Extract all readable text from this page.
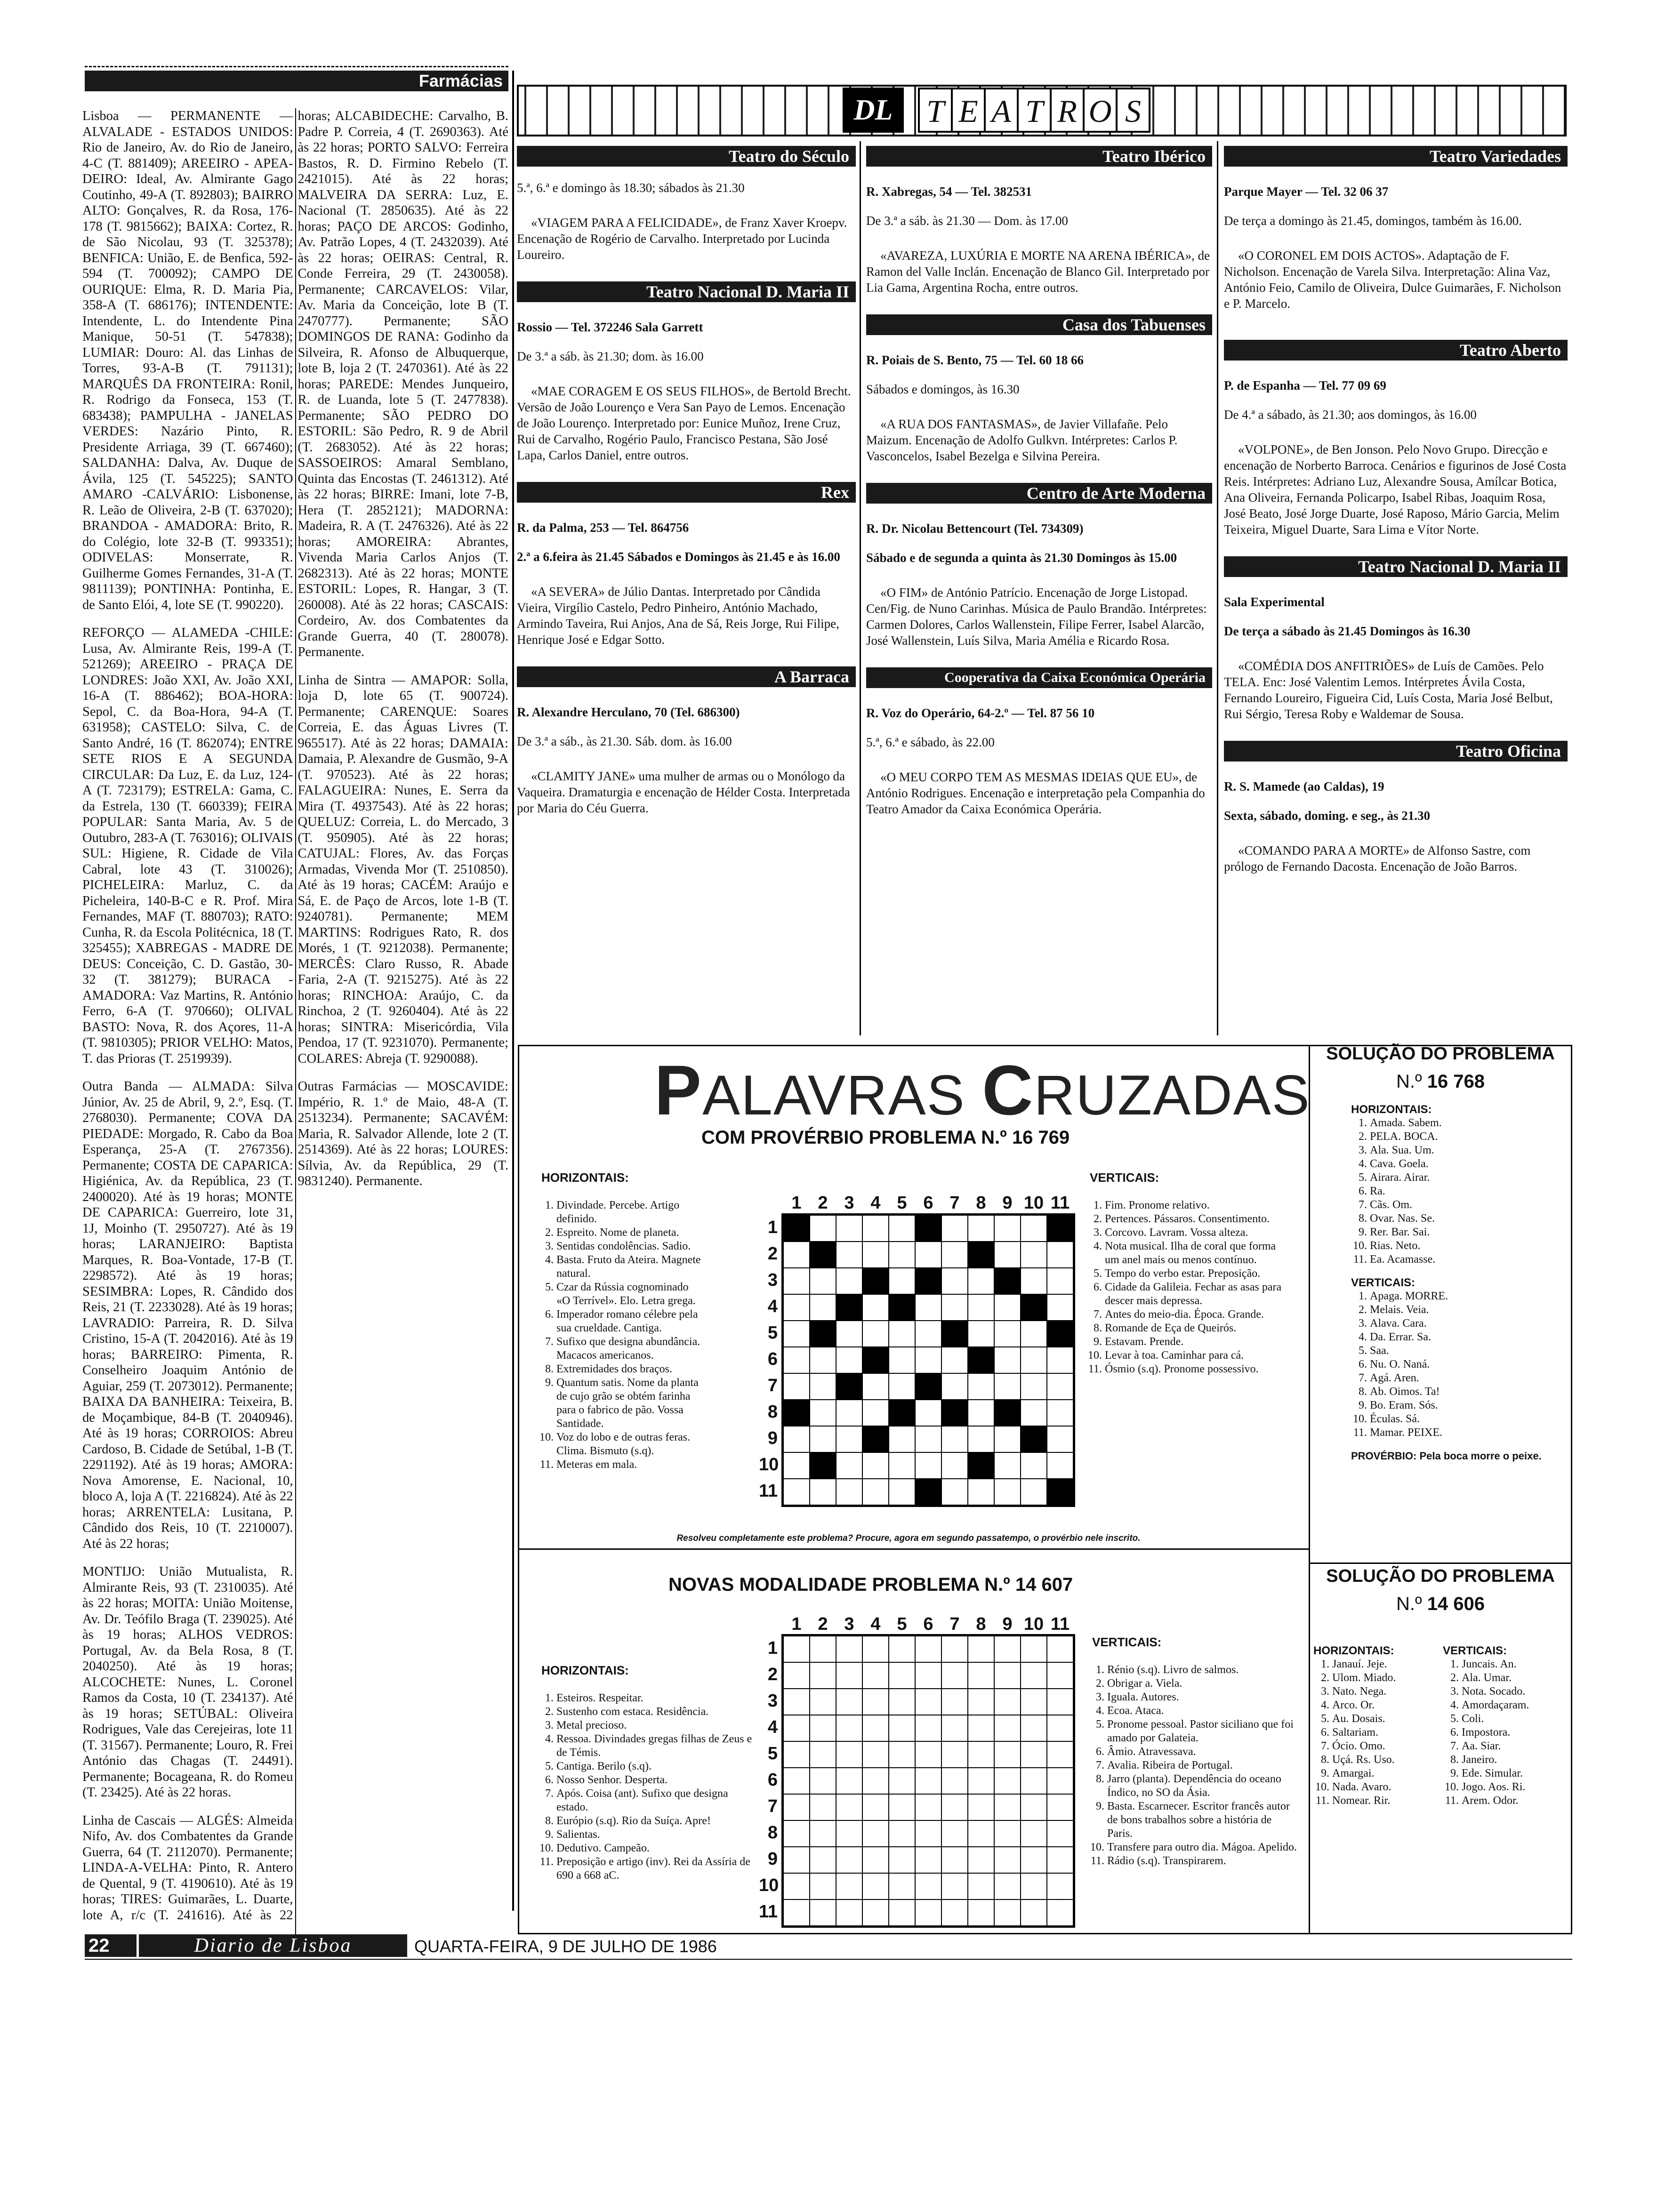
Farmácias

Lisboa — PERMANENTE — ALVALADE - ESTADOS UNIDOS: Rio de Janeiro, Av. do Rio de Janeiro, 4-C (T. 881409); AREEIRO - APEA-DEIRO: Ideal, Av. Almirante Gago Coutinho, 49-A (T. 892803); BAIRRO ALTO: Gonçalves, R. da Rosa, 176-178 (T. 9815662); BAIXA: Cortez, R. de São Nicolau, 93 (T. 325378); BENFICA: União, E. de Benfica, 592-594 (T. 700092); CAMPO DE OURIQUE: Elma, R. D. Maria Pia, 358-A (T. 686176); INTENDENTE: Intendente, L. do Intendente Pina Manique, 50-51 (T. 547838); LUMIAR: Douro: Al. das Linhas de Torres, 93-A-B (T. 791131); MARQUÊS DA FRONTEIRA: Ronil, R. Rodrigo da Fonseca, 153 (T. 683438); PAMPULHA - JANELAS VERDES: Nazário Pinto, R. Presidente Arriaga, 39 (T. 667460); SALDANHA: Dalva, Av. Duque de Ávila, 125 (T. 545225); SANTO AMARO -CALVÁRIO: Lisbonense, R. Leão de Oliveira, 2-B (T. 637020); BRANDOA - AMADORA: Brito, R. do Colégio, lote 32-B (T. 993351); ODIVELAS: Monserrate, R. Guilherme Gomes Fernandes, 31-A (T. 9811139); PONTINHA: Pontinha, E. de Santo Elói, 4, lote SE (T. 990220).

REFORÇO — ALAMEDA -CHILE: Lusa, Av. Almirante Reis, 199-A (T. 521269); AREEIRO - PRAÇA DE LONDRES: João XXI, Av. João XXI, 16-A (T. 886462); BOA-HORA: Sepol, C. da Boa-Hora, 94-A (T. 631958); CASTELO: Silva, C. de Santo André, 16 (T. 862074); ENTRE SETE RIOS E A SEGUNDA CIRCULAR: Da Luz, E. da Luz, 124-A (T. 723179); ESTRELA: Gama, C. da Estrela, 130 (T. 660339); FEIRA POPULAR: Santa Maria, Av. 5 de Outubro, 283-A (T. 763016); OLIVAIS SUL: Higiene, R. Cidade de Vila Cabral, lote 43 (T. 310026); PICHELEIRA: Marluz, C. da Picheleira, 140-B-C e R. Prof. Mira Fernandes, MAF (T. 880703); RATO: Cunha, R. da Escola Politécnica, 18 (T. 325455); XABREGAS - MADRE DE DEUS: Conceição, C. D. Gastão, 30-32 (T. 381279); BURACA - AMADORA: Vaz Martins, R. António Ferro, 6-A (T. 970660); OLIVAL BASTO: Nova, R. dos Açores, 11-A (T. 9810305); PRIOR VELHO: Matos, T. das Prioras (T. 2519939).

Outra Banda — ALMADA: Silva Júnior, Av. 25 de Abril, 9, 2.º, Esq. (T. 2768030). Permanente; COVA DA PIEDADE: Morgado, R. Cabo da Boa Esperança, 25-A (T. 2767356). Permanente; COSTA DE CAPARICA: Higiénica, Av. da República, 23 (T. 2400020). Até às 19 horas; MONTE DE CAPARICA: Guerreiro, lote 31, 1J, Moinho (T. 2950727). Até às 19 horas; LARANJEIRO: Baptista Marques, R. Boa-Vontade, 17-B (T. 2298572). Até às 19 horas; SESIMBRA: Lopes, R. Cândido dos Reis, 21 (T. 2233028). Até às 19 horas; LAVRADIO: Parreira, R. D. Silva Cristino, 15-A (T. 2042016). Até às 19 horas; BARREIRO: Pimenta, R. Conselheiro Joaquim António de Aguiar, 259 (T. 2073012). Permanente; BAIXA DA BANHEIRA: Teixeira, B. de Moçambique, 84-B (T. 2040946). Até às 19 horas; CORROIOS: Abreu Cardoso, B. Cidade de Setúbal, 1-B (T. 2291192). Até às 19 horas; AMORA: Nova Amorense, E. Nacional, 10, bloco A, loja A (T. 2216824). Até às 22 horas; ARRENTELA: Lusitana, P. Cândido dos Reis, 10 (T. 2210007). Até às 22 horas;

MONTIJO: União Mutualista, R. Almirante Reis, 93 (T. 2310035). Até às 22 horas; MOITA: União Moitense, Av. Dr. Teófilo Braga (T. 239025). Até às 19 horas; ALHOS VEDROS: Portugal, Av. da Bela Rosa, 8 (T. 2040250). Até às 19 horas; ALCOCHETE: Nunes, L. Coronel Ramos da Costa, 10 (T. 234137). Até às 19 horas; SETÚBAL: Oliveira Rodrigues, Vale das Cerejeiras, lote 11 (T. 31567). Permanente; Louro, R. Frei António das Chagas (T. 24491). Permanente; Bocageana, R. do Romeu (T. 23425). Até às 22 horas.

Linha de Cascais — ALGÉS: Almeida Nifo, Av. dos Combatentes da Grande Guerra, 64 (T. 2112070). Permanente; LINDA-A-VELHA: Pinto, R. Antero de Quental, 9 (T. 4190610). Até às 19 horas; TIRES: Guimarães, L. Duarte, lote A, r/c (T. 241616). Até às 22 horas; ALCABIDECHE: Carvalho, B. Padre P. Correia, 4 (T. 2690363). Até às 22 horas; PORTO SALVO: Ferreira Bastos, R. D. Firmino Rebelo (T. 2421015). Até às 22 horas; MALVEIRA DA SERRA: Luz, E. Nacional (T. 2850635). Até às 22 horas; PAÇO DE ARCOS: Godinho, Av. Patrão Lopes, 4 (T. 2432039). Até às 22 horas; OEIRAS: Central, R. Conde Ferreira, 29 (T. 2430058). Permanente; CARCAVELOS: Vilar, Av. Maria da Conceição, lote B (T. 2470777). Permanente; SÃO DOMINGOS DE RANA: Godinho da Silveira, R. Afonso de Albuquerque, lote B, loja 2 (T. 2470361). Até às 22 horas; PAREDE: Mendes Junqueiro, R. de Luanda, lote 5 (T. 2477838). Permanente; SÃO PEDRO DO ESTORIL: São Pedro, R. 9 de Abril (T. 2683052). Até às 22 horas; SASSOEIROS: Amaral Semblano, Quinta das Encostas (T. 2461312). Até às 22 horas; BIRRE: Imani, lote 7-B, Hera (T. 2852121); MADORNA: Madeira, R. A (T. 2476326). Até às 22 horas; AMOREIRA: Abrantes, Vivenda Maria Carlos Anjos (T. 2682313). Até às 22 horas; MONTE ESTORIL: Lopes, R. Hangar, 3 (T. 260008). Até às 22 horas; CASCAIS: Cordeiro, Av. dos Combatentes da Grande Guerra, 40 (T. 280078). Permanente.

Linha de Sintra — AMAPOR: Solla, loja D, lote 65 (T. 900724). Permanente; CARENQUE: Soares Correia, E. das Águas Livres (T. 965517). Até às 22 horas; DAMAIA: Damaia, P. Alexandre de Gusmão, 9-A (T. 970523). Até às 22 horas; FALAGUEIRA: Nunes, E. Serra da Mira (T. 4937543). Até às 22 horas; QUELUZ: Correia, L. do Mercado, 3 (T. 950905). Até às 22 horas; CATUJAL: Flores, Av. das Forças Armadas, Vivenda Mor (T. 2510850). Até às 19 horas; CACÉM: Araújo e Sá, E. de Paço de Arcos, lote 1-B (T. 9240781). Permanente; MEM MARTINS: Rodrigues Rato, R. dos Morés, 1 (T. 9212038). Permanente; MERCÊS: Claro Russo, R. Abade Faria, 2-A (T. 9215275). Até às 22 horas; RINCHOA: Araújo, C. da Rinchoa, 2 (T. 9260404). Até às 22 horas; SINTRA: Misericórdia, Vila Pendoa, 17 (T. 9231070). Permanente; COLARES: Abreja (T. 9290088).

Outras Farmácias — MOSCAVIDE: Império, R. 1.º de Maio, 48-A (T. 2513234). Permanente; SACAVÉM: Maria, R. Salvador Allende, lote 2 (T. 2514369). Até às 22 horas; LOURES: Sílvia, Av. da República, 29 (T. 9831240). Permanente.

DL	T E A T R O S
Teatro do Século

5.ª, 6.ª e domingo às 18.30; sábados às 21.30

«VIAGEM PARA A FELICIDADE», de Franz Xaver Kroepv. Encenação de Rogério de Carvalho. Interpretado por Lucinda Loureiro.

Teatro Nacional D. Maria II

Rossio — Tel. 372246 Sala Garrett

De 3.ª a sáb. às 21.30; dom. às 16.00

«MAE CORAGEM E OS SEUS FILHOS», de Bertold Brecht. Versão de João Lourenço e Vera San Payo de Lemos. Encenação de João Lourenço. Interpretado por: Eunice Muñoz, Irene Cruz, Rui de Carvalho, Rogério Paulo, Francisco Pestana, São José Lapa, Carlos Daniel, entre outros.

Rex

R. da Palma, 253 — Tel. 864756

2.ª a 6.feira às 21.45 Sábados e Domingos às 21.45 e às 16.00

«A SEVERA» de Júlio Dantas. Interpretado por Cândida Vieira, Virgílio Castelo, Pedro Pinheiro, António Machado, Armindo Taveira, Rui Anjos, Ana de Sá, Reis Jorge, Rui Filipe, Henrique José e Edgar Sotto.

A Barraca

R. Alexandre Herculano, 70 (Tel. 686300)

De 3.ª a sáb., às 21.30. Sáb. dom. às 16.00

«CLAMITY JANE» uma mulher de armas ou o Monólogo da Vaqueira. Dramaturgia e encenação de Hélder Costa. Interpretada por Maria do Céu Guerra.

Teatro Ibérico

R. Xabregas, 54 — Tel. 382531

De 3.ª a sáb. às 21.30 — Dom. às 17.00

«AVAREZA, LUXÚRIA E MORTE NA ARENA IBÉRICA», de Ramon del Valle Inclán. Encenação de Blanco Gil. Interpretado por Lia Gama, Argentina Rocha, entre outros.

Casa dos Tabuenses

R. Poiais de S. Bento, 75 — Tel. 60 18 66

Sábados e domingos, às 16.30

«A RUA DOS FANTASMAS», de Javier Villafañe. Pelo Maizum. Encenação de Adolfo Gulkvn. Intérpretes: Carlos P. Vasconcelos, Isabel Bezelga e Silvina Pereira.

Centro de Arte Moderna

R. Dr. Nicolau Bettencourt (Tel. 734309)

Sábado e de segunda a quinta às 21.30 Domingos às 15.00

«O FIM» de António Patrício. Encenação de Jorge Listopad. Cen/Fig. de Nuno Carinhas. Música de Paulo Brandão. Intérpretes: Carmen Dolores, Carlos Wallenstein, Filipe Ferrer, Isabel Alarcão, José Wallenstein, Luís Silva, Maria Amélia e Ricardo Rosa.

Cooperativa da Caixa Económica Operária

R. Voz do Operário, 64-2.º — Tel. 87 56 10

5.ª, 6.ª e sábado, às 22.00

«O MEU CORPO TEM AS MESMAS IDEIAS QUE EU», de António Rodrigues. Encenação e interpretação pela Companhia do Teatro Amador da Caixa Económica Operária.

Teatro Variedades

Parque Mayer — Tel. 32 06 37

De terça a domingo às 21.45, domingos, também às 16.00.

«O CORONEL EM DOIS ACTOS». Adaptação de F. Nicholson. Encenação de Varela Silva. Interpretação: Alina Vaz, António Feio, Camilo de Oliveira, Dulce Guimarães, F. Nicholson e P. Marcelo.

Teatro Aberto

P. de Espanha — Tel. 77 09 69

De 4.ª a sábado, às 21.30; aos domingos, às 16.00

«VOLPONE», de Ben Jonson. Pelo Novo Grupo. Direcção e encenação de Norberto Barroca. Cenários e figurinos de José Costa Reis. Intérpretes: Adriano Luz, Alexandre Sousa, Amílcar Botica, Ana Oliveira, Fernanda Policarpo, Isabel Ribas, Joaquim Rosa, José Beato, José Jorge Duarte, José Raposo, Mário Garcia, Melim Teixeira, Miguel Duarte, Sara Lima e Vítor Norte.

Teatro Nacional D. Maria II

Sala Experimental

De terça a sábado às 21.45 Domingos às 16.30

«COMÉDIA DOS ANFITRIÕES» de Luís de Camões. Pelo TELA. Enc: José Valentim Lemos. Intérpretes Ávila Costa, Fernando Loureiro, Figueira Cid, Luís Costa, Maria José Belbut, Rui Sérgio, Teresa Roby e Waldemar de Sousa.

Teatro Oficina

R. S. Mamede (ao Caldas), 19

Sexta, sábado, doming. e seg., às 21.30

«COMANDO PARA A MORTE» de Alfonso Sastre, com prólogo de Fernando Dacosta. Encenação de João Barros.

PALAVRAS CRUZADAS
COM PROVÉRBIO PROBLEMA N.º 16 769
HORIZONTAIS:
1. Divindade. Percebe. Artigo definido.
2. Espreito. Nome de planeta.
3. Sentidas condolências. Sadio.
4. Basta. Fruto da Ateira. Magnete natural.
5. Czar da Rússia cognominado «O Terrível». Elo. Letra grega.
6. Imperador romano célebre pela sua crueldade. Cantiga.
7. Sufixo que designa abundância. Macacos americanos.
8. Extremidades dos braços.
9. Quantum satis. Nome da planta de cujo grão se obtém farinha para o fabrico de pão. Vossa Santidade.
10. Voz do lobo e de outras feras. Clima. Bismuto (s.q).
11. Meteras em mala.
1 2 3 4 5 6 7 8 9 10 11
1
2
3
4
5
6
7
8
9
10
11
VERTICAIS:
1. Fim. Pronome relativo.
2. Pertences. Pássaros. Consentimento.
3. Corcovo. Lavram. Vossa alteza.
4. Nota musical. Ilha de coral que forma um anel mais ou menos contínuo.
5. Tempo do verbo estar. Preposição.
6. Cidade da Galileia. Fechar as asas para descer mais depressa.
7. Antes do meio-dia. Época. Grande.
8. Romande de Eça de Queirós.
9. Estavam. Prende.
10. Levar à toa. Caminhar para cá.
11. Ósmio (s.q). Pronome possessivo.
Resolveu completamente este problema? Procure, agora em segundo passatempo, o provérbio nele inscrito.
NOVAS MODALIDADE PROBLEMA N.º 14 607
1 2 3 4 5 6 7 8 9 10 11
1
2
3
4
5
6
7
8
9
10
11
HORIZONTAIS:
1. Esteiros. Respeitar.
2. Sustenho com estaca. Residência.
3. Metal precioso.
4. Ressoa. Divindades gregas filhas de Zeus e de Témis.
5. Cantiga. Berilo (s.q).
6. Nosso Senhor. Desperta.
7. Após. Coisa (ant). Sufixo que designa estado.
8. Európio (s.q). Rio da Suíça. Apre!
9. Salientas.
10. Dedutivo. Campeão.
11. Preposição e artigo (inv). Rei da Assíria de 690 a 668 aC.
VERTICAIS:
1. Rénio (s.q). Livro de salmos.
2. Obrigar a. Viela.
3. Iguala. Autores.
4. Ecoa. Ataca.
5. Pronome pessoal. Pastor siciliano que foi amado por Galateia.
6. Âmio. Atravessava.
7. Avalia. Ribeira de Portugal.
8. Jarro (planta). Dependência do oceano Índico, no SO da Ásia.
9. Basta. Escarnecer. Escritor francês autor de bons trabalhos sobre a história de Paris.
10. Transfere para outro dia. Mágoa. Apelido.
11. Rádio (s.q). Transpirarem.
SOLUÇÃO DO PROBLEMA
N.º 16 768
HORIZONTAIS:
1. Amada. Sabem.
2. PELA. BOCA.
3. Ala. Sua. Um.
4. Cava. Goela.
5. Airara. Airar.
6. Ra.
7. Cãs. Om.
8. Ovar. Nas. Se.
9. Rer. Bar. Sai.
10. Rias. Neto.
11. Ea. Acamasse.
VERTICAIS:
1. Apaga. MORRE.
2. Melais. Veia.
3. Alava. Cara.
4. Da. Errar. Sa.
5. Saa.
6. Nu. O. Naná.
7. Agá. Aren.
8. Ab. Oimos. Ta!
9. Bo. Eram. Sós.
10. Éculas. Sá.
11. Mamar. PEIXE.
PROVÉRBIO: Pela boca morre o peixe.
SOLUÇÃO DO PROBLEMA
N.º 14 606
HORIZONTAIS:
1. Janauí. Jeje.
2. Ulom. Miado.
3. Nato. Nega.
4. Arco. Or.
5. Au. Dosais.
6. Saltariam.
7. Ócio. Omo.
8. Uçá. Rs. Uso.
9. Amargai.
10. Nada. Avaro.
11. Nomear. Rir.
VERTICAIS:
1. Juncais. An.
2. Ala. Umar.
3. Nota. Socado.
4. Amordaçaram.
5. Coli.
6. Impostora.
7. Aa. Siar.
8. Janeiro.
9. Ede. Simular.
10. Jogo. Aos. Ri.
11. Arem. Odor.
22	Diario de Lisboa	QUARTA-FEIRA, 9 DE JULHO DE 1986
